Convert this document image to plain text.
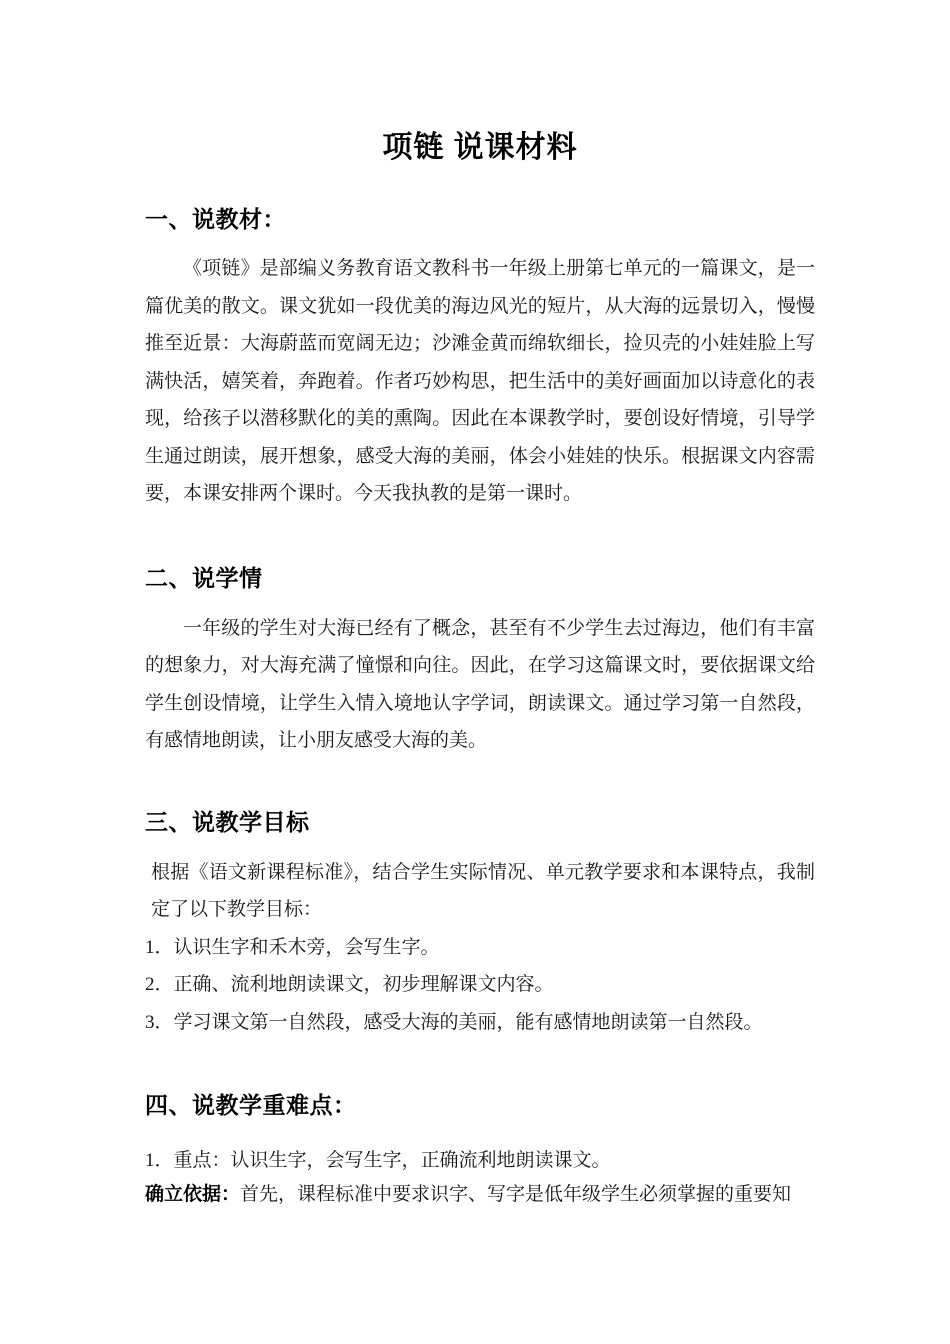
项链 说课材料
一、说教材：

《项链》是部编义务教育语文教科书一年级上册第七单元的一篇课文，是一篇优美的散文。课文犹如一段优美的海边风光的短片，从大海的远景切入，慢慢推至近景：大海蔚蓝而宽阔无边；沙滩金黄而绵软细长，捡贝壳的小娃娃脸上写满快活，嬉笑着，奔跑着。作者巧妙构思，把生活中的美好画面加以诗意化的表现，给孩子以潜移默化的美的熏陶。因此在本课教学时，要创设好情境，引导学生通过朗读，展开想象，感受大海的美丽，体会小娃娃的快乐。根据课文内容需要，本课安排两个课时。今天我执教的是第一课时。

二、说学情

一年级的学生对大海已经有了概念，甚至有不少学生去过海边，他们有丰富的想象力，对大海充满了憧憬和向往。因此，在学习这篇课文时，要依据课文给学生创设情境，让学生入情入境地认字学词，朗读课文。通过学习第一自然段，有感情地朗读，让小朋友感受大海的美。

三、说教学目标

根据《语文新课程标准》，结合学生实际情况、单元教学要求和本课特点，我制定了以下教学目标：

1．认识生字和禾木旁，会写生字。
2．正确、流利地朗读课文，初步理解课文内容。
3．学习课文第一自然段，感受大海的美丽，能有感情地朗读第一自然段。
四、说教学重难点：

1．重点：认识生字，会写生字，正确流利地朗读课文。

确立依据：首先，课程标准中要求识字、写字是低年级学生必须掌握的重要知
